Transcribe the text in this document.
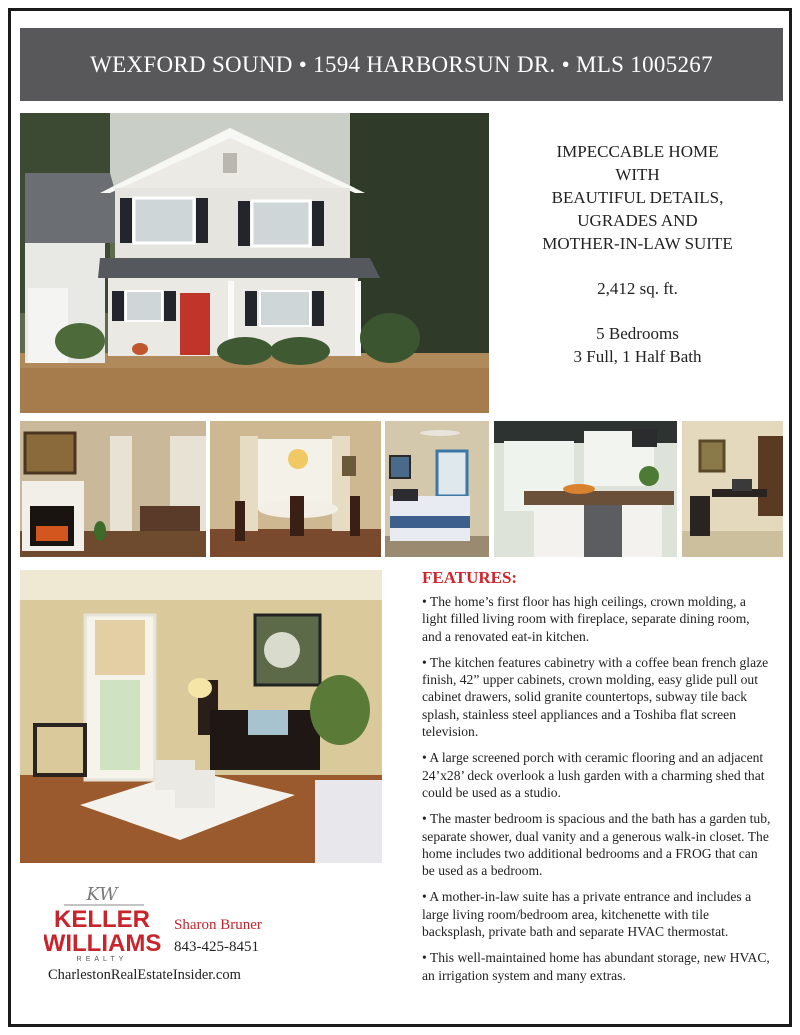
WEXFORD SOUND • 1594 HARBORSUN DR. • MLS 1005267
IMPECCABLE HOME
WITH
BEAUTIFUL DETAILS,
UGRADES AND
MOTHER-IN-LAW SUITE
2,412 sq. ft.
5 Bedrooms
3 Full, 1 Half Bath
FEATURES:

• The home’s first floor has high ceilings, crown molding, a light filled living room with fireplace, separate dining room, and a renovated eat-in kitchen.

• The kitchen features cabinetry with a coffee bean french glaze finish, 42” upper cabinets, crown molding, easy glide pull out cabinet drawers, solid granite countertops, subway tile back splash, stainless steel appliances and a Toshiba flat screen television.

• A large screened porch with ceramic flooring and an adjacent 24’x28’ deck overlook a lush garden with a charming shed that could be used as a studio.

• The master bedroom is spacious and the bath has a garden tub, separate shower, dual vanity and a generous walk-in closet. The home includes two additional bedrooms and a FROG that can be used as a bedroom.

• A mother-in-law suite has a private entrance and includes a large living room/bedroom area, kitchenette with tile backsplash, private bath and separate HVAC thermostat.

• This well-maintained home has abundant storage, new HVAC, an irrigation system and many extras.

KW
KELLER
WILLIAMS
REALTY
Sharon Bruner
843-425-8451
CharlestonRealEstateInsider.com
